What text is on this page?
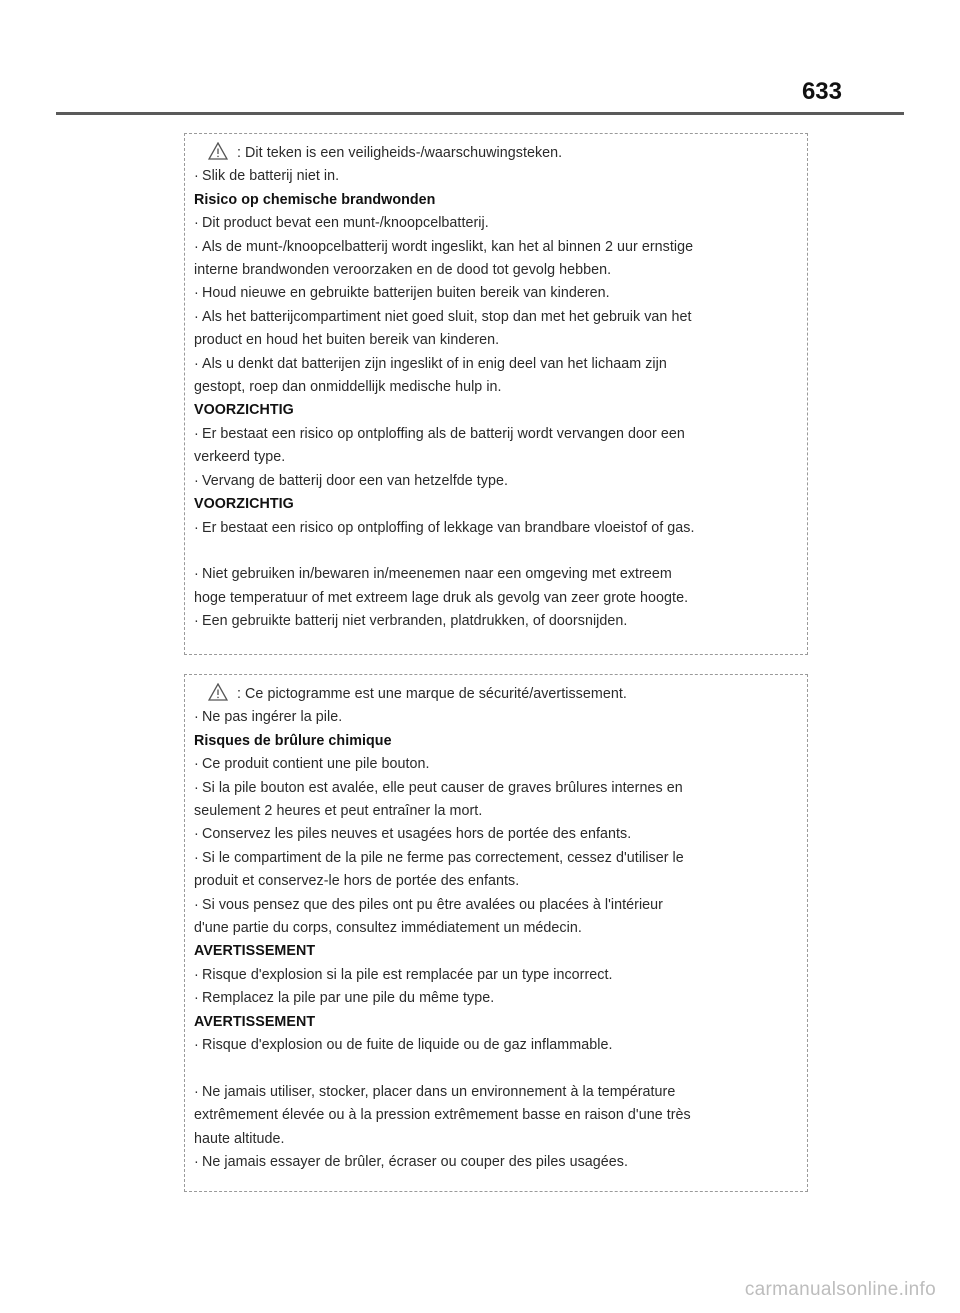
633
: Dit teken is een veiligheids-/waarschuwingsteken.
· Slik de batterij niet in.
Risico op chemische brandwonden
· Dit product bevat een munt-/knoopcelbatterij.
· Als de munt-/knoopcelbatterij wordt ingeslikt, kan het al binnen 2 uur ernstige
interne brandwonden veroorzaken en de dood tot gevolg hebben.
· Houd nieuwe en gebruikte batterijen buiten bereik van kinderen.
· Als het batterijcompartiment niet goed sluit, stop dan met het gebruik van het
product en houd het buiten bereik van kinderen.
· Als u denkt dat batterijen zijn ingeslikt of in enig deel van het lichaam zijn
gestopt, roep dan onmiddellijk medische hulp in.
VOORZICHTIG
· Er bestaat een risico op ontploffing als de batterij wordt vervangen door een
verkeerd type.
· Vervang de batterij door een van hetzelfde type.
VOORZICHTIG
· Er bestaat een risico op ontploffing of lekkage van brandbare vloeistof of gas.
· Niet gebruiken in/bewaren in/meenemen naar een omgeving met extreem
hoge temperatuur of met extreem lage druk als gevolg van zeer grote hoogte.
· Een gebruikte batterij niet verbranden, platdrukken, of doorsnijden.
: Ce pictogramme est une marque de sécurité/avertissement.
· Ne pas ingérer la pile.
Risques de brûlure chimique
· Ce produit contient une pile bouton.
· Si la pile bouton est avalée, elle peut causer de graves brûlures internes en
seulement 2 heures et peut entraîner la mort.
· Conservez les piles neuves et usagées hors de portée des enfants.
· Si le compartiment de la pile ne ferme pas correctement, cessez d'utiliser le
produit et conservez-le hors de portée des enfants.
· Si vous pensez que des piles ont pu être avalées ou placées à l'intérieur
d'une partie du corps, consultez immédiatement un médecin.
AVERTISSEMENT
· Risque d'explosion si la pile est remplacée par un type incorrect.
· Remplacez la pile par une pile du même type.
AVERTISSEMENT
· Risque d'explosion ou de fuite de liquide ou de gaz inflammable.
· Ne jamais utiliser, stocker, placer dans un environnement à la température
extrêmement élevée ou à la pression extrêmement basse en raison d'une très
haute altitude.
· Ne jamais essayer de brûler, écraser ou couper des piles usagées.
carmanualsonline.info
